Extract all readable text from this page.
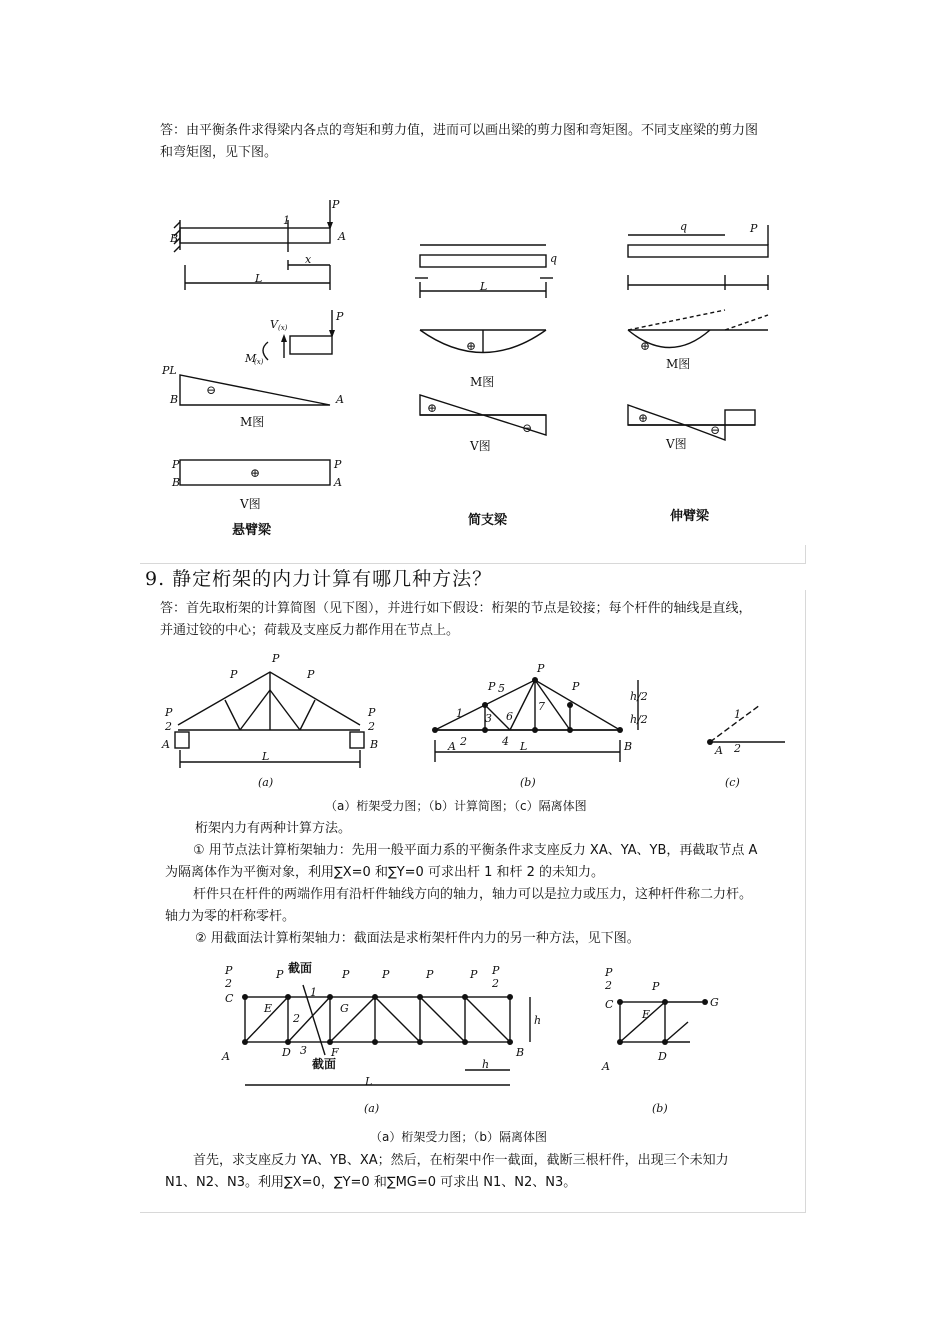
答：由平衡条件求得梁内各点的弯矩和剪力值，进而可以画出梁的剪力图和弯矩图。不同支座梁的剪力图和弯矩图，见下图。
P
B	A
L
x
1
P
V (x)
M
(x)
PL
B	A
P
B
P
A
q
L
P
q
⊖
⊕
M图
V图
⊕
⊕
⊖
M图
V图
⊕
⊕
⊖
M图
V图
悬臂梁
简支梁	伸臂梁
9. 静定桁架的内力计算有哪几种方法？
答：首先取桁架的计算简图（见下图），并进行如下假设：桁架的节点是铰接；每个杆件的轴线是直线，并通过铰的中心；荷载及支座反力都作用在节点上。
P
P
P
P
2
P
2
A	B
L
(a)	(b)	(c)
L
A	B
h/2
h/2
1
2
3
4
5
6
7
P
P
P
A 2
1
（a）桁架受力图；（b）计算简图；（c）隔离体图
桁架内力有两种计算方法。
① 用节点法计算桁架轴力：先用一般平面力系的平衡条件求支座反力 XA、YA、YB，再截取节点 A 为隔离体作为平衡对象，利用∑X=0 和∑Y=0 可求出杆 1 和杆 2 的未知力。
杆件只在杆件的两端作用有沿杆件轴线方向的轴力，轴力可以是拉力或压力，这种杆件称二力杆。轴力为零的杆称零杆。
② 用截面法计算桁架轴力：截面法是求桁架杆件内力的另一种方法，见下图。
P
2
C
P	P	P	P	P P
2
E	G
D	F
A	B
L
h
h
1
2
3
(a)	(b)
P
2
C
P
E
G
D
A
截面
截面
（a）桁架受力图；（b）隔离体图
首先，求支座反力 YA、YB、XA；然后，在桁架中作一截面，截断三根杆件，出现三个未知力 N1、N2、N3。利用∑X=0，∑Y=0 和∑MG=0 可求出 N1、N2、N3。
